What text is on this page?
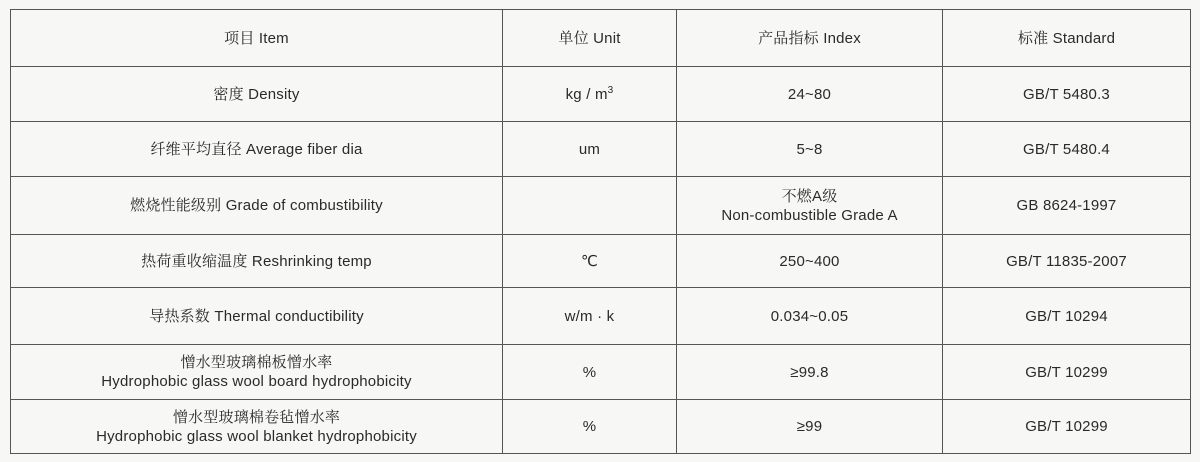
项目 Item	单位 Unit	产品指标 Index	标准 Standard

密度 Density	kg / $m^3$	24~80	GB/T 5480.3

纤维平均直径 Average fiber dia	um	5~8	GB/T 5480.4

燃烧性能级别 Grade of combustibility		不燃A级
Non-combustible Grade A	GB 8624-1997

热荷重收缩温度 Reshrinking temp	℃	250~400	GB/T 11835-2007

导热系数 Thermal conductibility	w/m · k	0.034~0.05	GB/T 10294

憎水型玻璃棉板憎水率
Hydrophobic glass wool board hydrophobicity	%	≥99.8	GB/T 10299

憎水型玻璃棉卷毡憎水率
Hydrophobic glass wool blanket hydrophobicity	%	≥99	GB/T 10299
